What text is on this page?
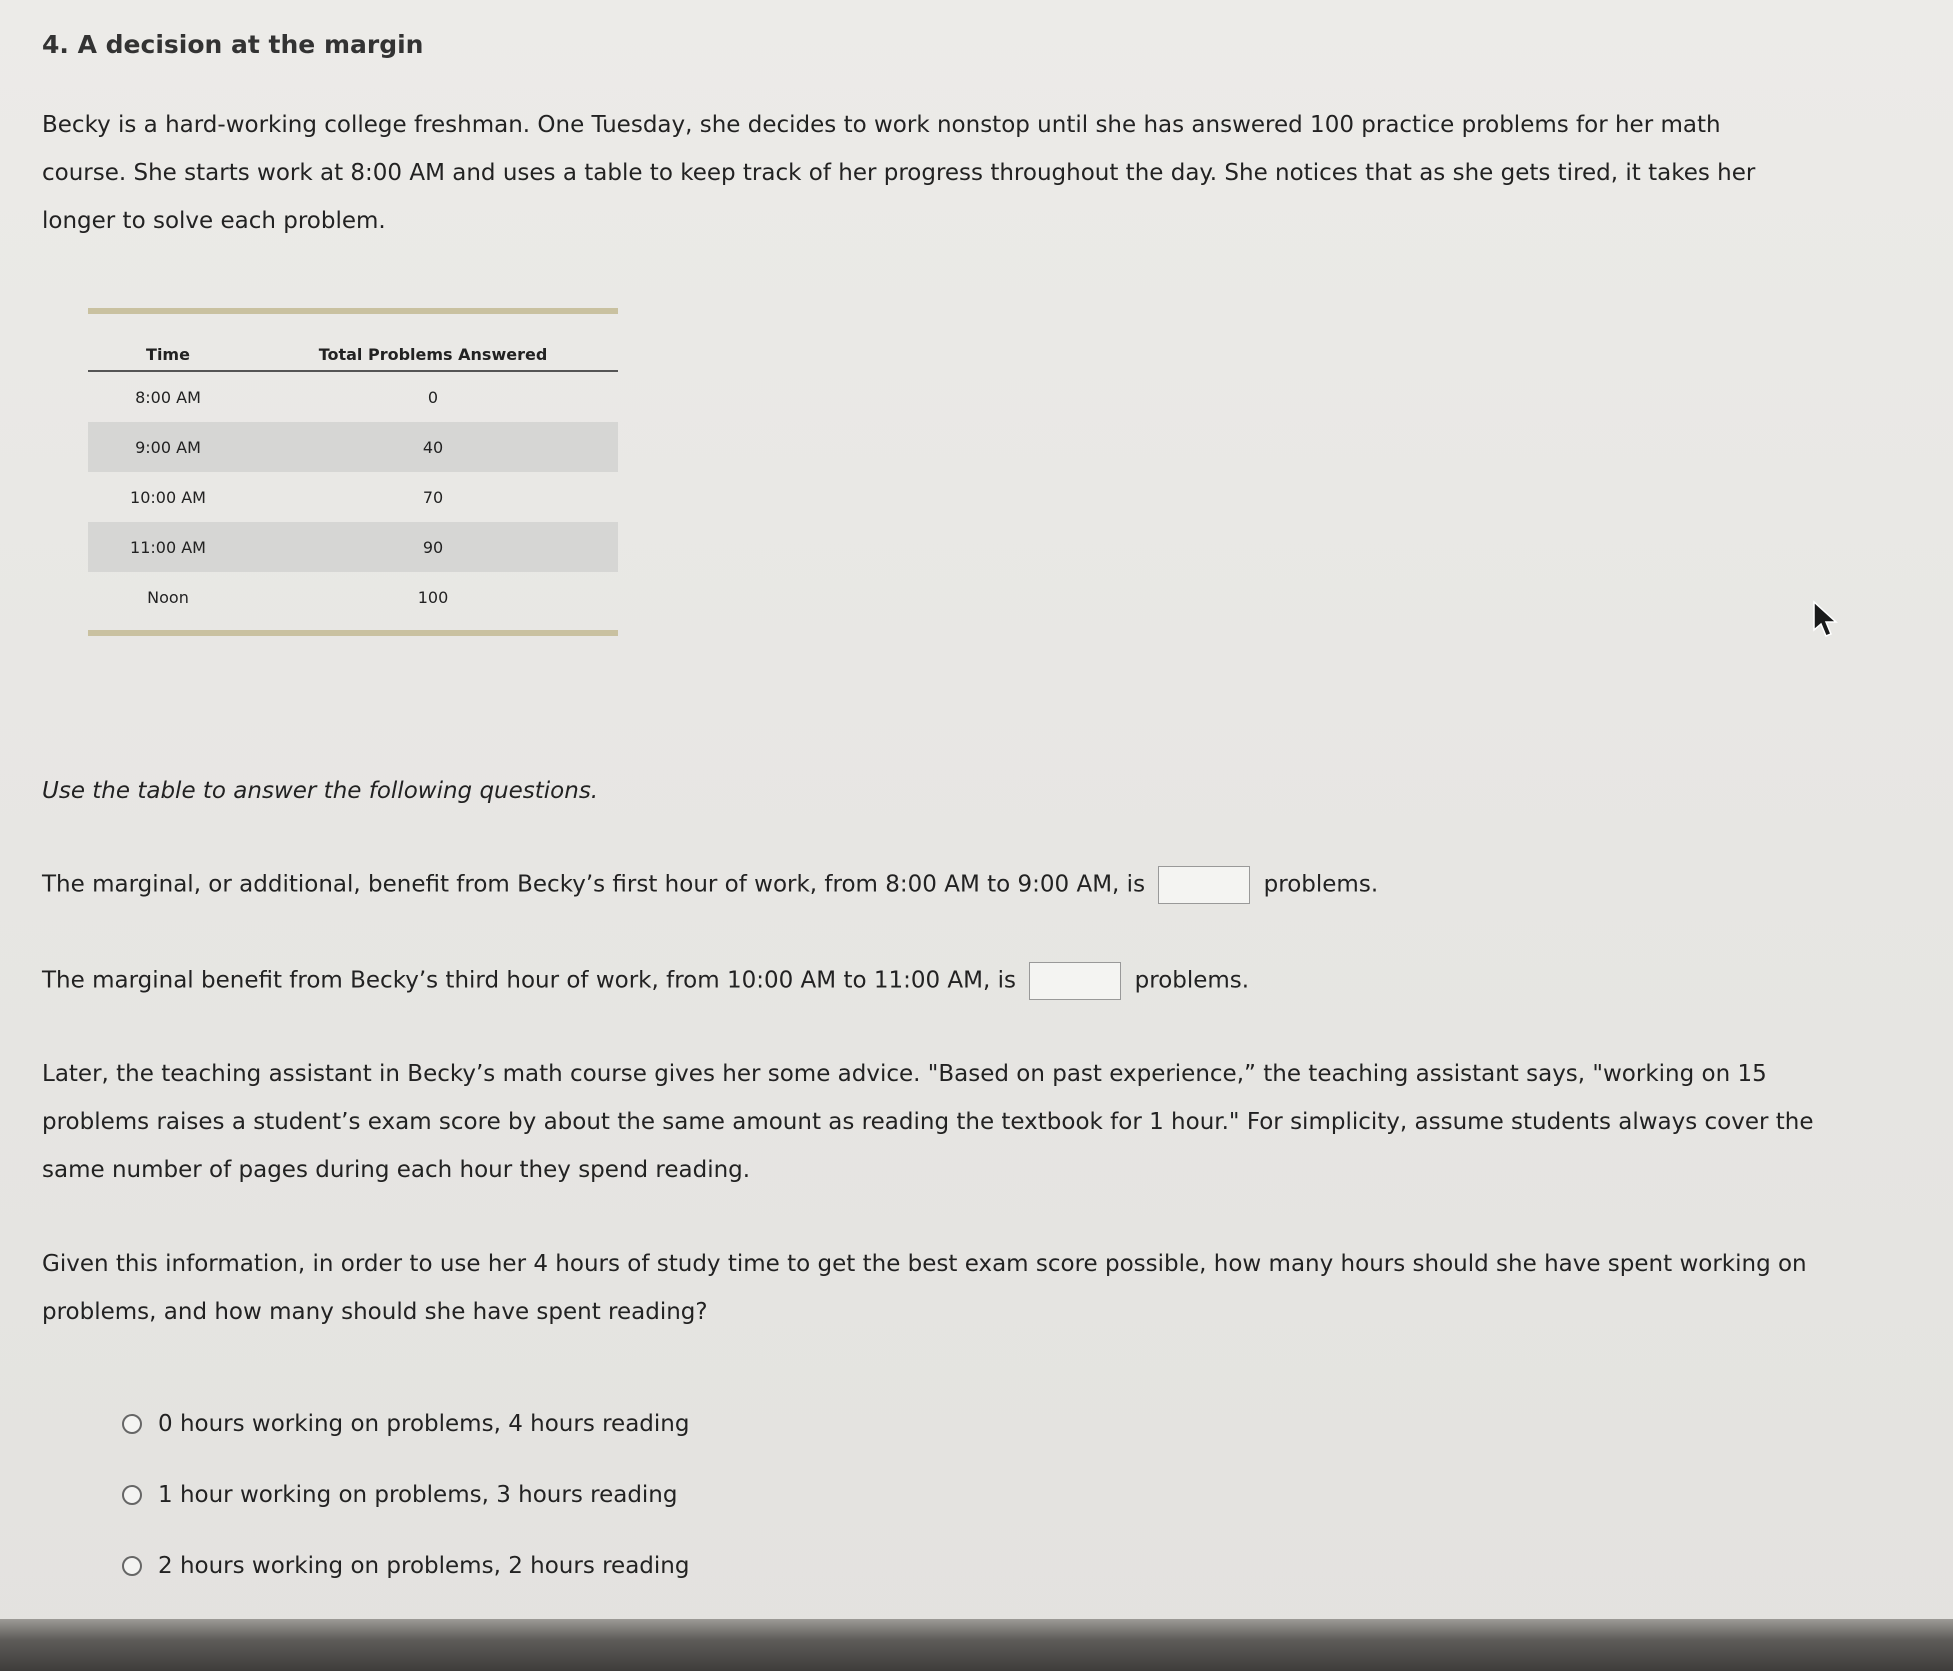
4. A decision at the margin

Becky is a hard-working college freshman. One Tuesday, she decides to work nonstop until she has answered 100 practice problems for her math course. She starts work at 8:00 AM and uses a table to keep track of her progress throughout the day. She notices that as she gets tired, it takes her longer to solve each problem.

Time	Total Problems Answered
8:00 AM	0
9:00 AM	40
10:00 AM	70
11:00 AM	90
Noon	100
Use the table to answer the following questions.
The marginal, or additional, benefit from Becky’s first hour of work, from 8:00 AM to 9:00 AM, is	problems.
The marginal benefit from Becky’s third hour of work, from 10:00 AM to 11:00 AM, is	problems.
Later, the teaching assistant in Becky’s math course gives her some advice. "Based on past experience,” the teaching assistant says, "working on 15 problems raises a student’s exam score by about the same amount as reading the textbook for 1 hour." For simplicity, assume students always cover the same number of pages during each hour they spend reading.
Given this information, in order to use her 4 hours of study time to get the best exam score possible, how many hours should she have spent working on problems, and how many should she have spent reading?
0 hours working on problems, 4 hours reading
1 hour working on problems, 3 hours reading
2 hours working on problems, 2 hours reading
